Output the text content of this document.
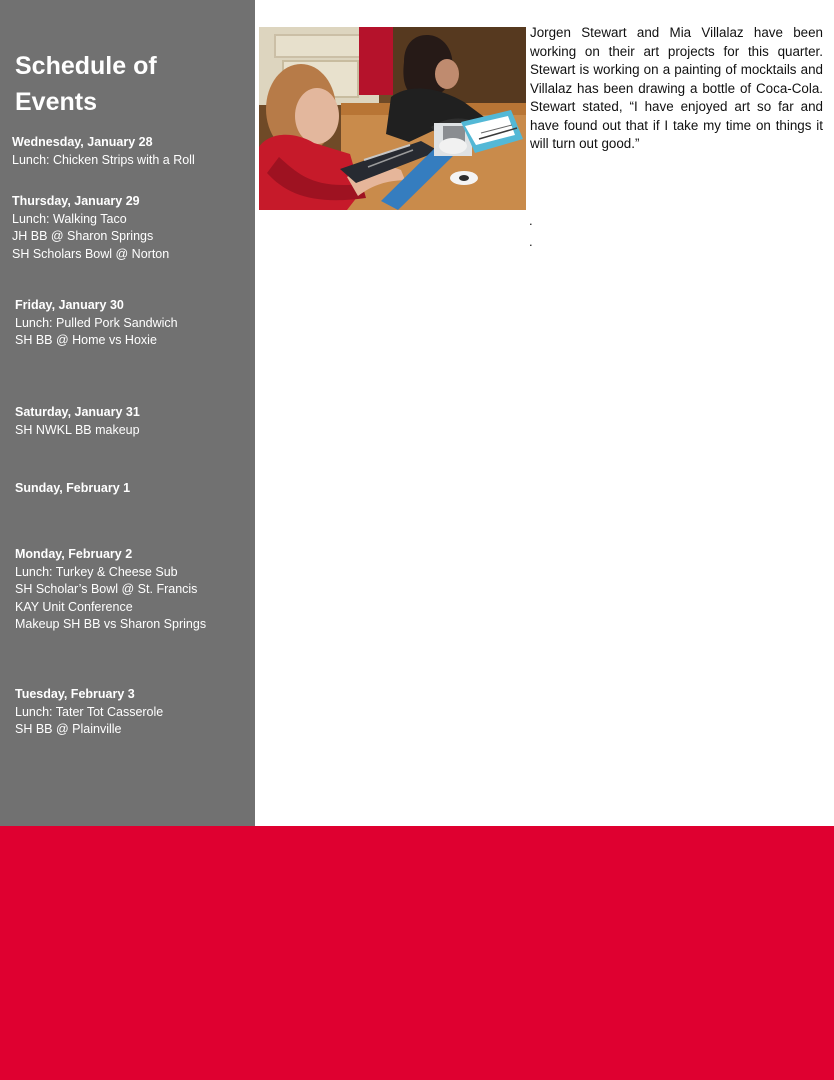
Schedule of Events
Wednesday, January 28
Lunch: Chicken Strips with a Roll
Thursday, January 29
Lunch: Walking Taco
JH BB @ Sharon Springs
SH Scholars Bowl @ Norton
Friday, January 30
Lunch: Pulled Pork Sandwich
SH BB @ Home vs Hoxie
Saturday, January 31
SH NWKL BB makeup
Sunday, February 1
Monday, February 2
Lunch: Turkey & Cheese Sub
SH Scholar’s Bowl @ St. Francis
KAY Unit Conference
Makeup SH BB vs Sharon Springs
Tuesday, February 3
Lunch: Tater Tot Casserole
SH BB @ Plainville

Jorgen Stewart and Mia Villalaz have been working on their art projects for this quarter. Stewart is working on a painting of mocktails and Villalaz has been drawing a bottle of Coca-Cola. Stewart stated, “I have enjoyed art so far and have found out that if I take my time on things it will turn out good.”

.
.
